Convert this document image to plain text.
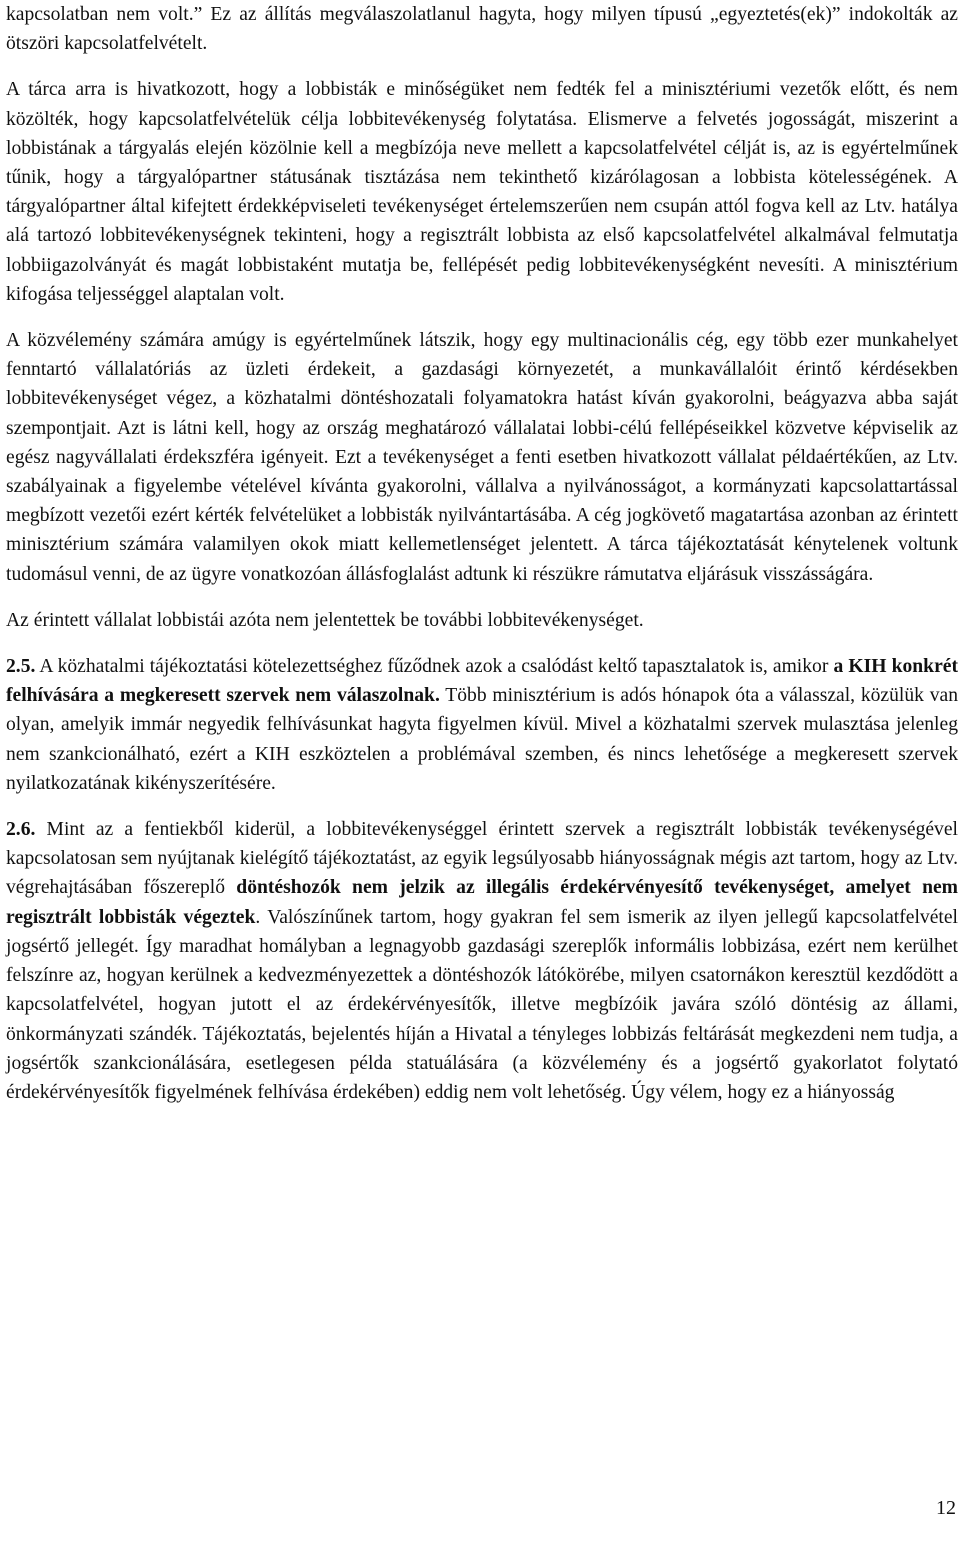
kapcsolatban nem volt.” Ez az állítás megválaszolatlanul hagyta, hogy milyen típusú „egyeztetés(ek)” indokolták az ötszöri kapcsolatfelvételt.

A tárca arra is hivatkozott, hogy a lobbisták e minőségüket nem fedték fel a minisztériumi vezetők előtt, és nem közölték, hogy kapcsolatfelvételük célja lobbitevékenység folytatása. Elismerve a felvetés jogosságát, miszerint a lobbistának a tárgyalás elején közölnie kell a megbízója neve mellett a kapcsolatfelvétel célját is, az is egyértelműnek tűnik, hogy a tárgyalópartner státusának tisztázása nem tekinthető kizárólagosan a lobbista kötelességének. A tárgyalópartner által kifejtett érdekképviseleti tevékenységet értelemszerűen nem csupán attól fogva kell az Ltv. hatálya alá tartozó lobbitevékenységnek tekinteni, hogy a regisztrált lobbista az első kapcsolatfelvétel alkalmával felmutatja lobbiigazolványát és magát lobbistaként mutatja be, fellépését pedig lobbitevékenységként nevesíti. A minisztérium kifogása teljességgel alaptalan volt.

A közvélemény számára amúgy is egyértelműnek látszik, hogy egy multinacionális cég, egy több ezer munkahelyet fenntartó vállalatóriás az üzleti érdekeit, a gazdasági környezetét, a munkavállalóit érintő kérdésekben lobbitevékenységet végez, a közhatalmi döntéshozatali folyamatokra hatást kíván gyakorolni, beágyazva abba saját szempontjait. Azt is látni kell, hogy az ország meghatározó vállalatai lobbi-célú fellépéseikkel közvetve képviselik az egész nagyvállalati érdekszféra igényeit. Ezt a tevékenységet a fenti esetben hivatkozott vállalat példaértékűen, az Ltv. szabályainak a figyelembe vételével kívánta gyakorolni, vállalva a nyilvánosságot, a kormányzati kapcsolattartással megbízott vezetői ezért kérték felvételüket a lobbisták nyilvántartásába. A cég jogkövető magatartása azonban az érintett minisztérium számára valamilyen okok miatt kellemetlenséget jelentett. A tárca tájékoztatását kénytelenek voltunk tudomásul venni, de az ügyre vonatkozóan állásfoglalást adtunk ki részükre rámutatva eljárásuk visszásságára.

Az érintett vállalat lobbistái azóta nem jelentettek be további lobbitevékenységet.

2.5. A közhatalmi tájékoztatási kötelezettséghez fűződnek azok a csalódást keltő tapasztalatok is, amikor a KIH konkrét felhívására a megkeresett szervek nem válaszolnak. Több minisztérium is adós hónapok óta a válasszal, közülük van olyan, amelyik immár negyedik felhívásunkat hagyta figyelmen kívül. Mivel a közhatalmi szervek mulasztása jelenleg nem szankcionálható, ezért a KIH eszköztelen a problémával szemben, és nincs lehetősége a megkeresett szervek nyilatkozatának kikényszerítésére.

2.6. Mint az a fentiekből kiderül, a lobbitevékenységgel érintett szervek a regisztrált lobbisták tevékenységével kapcsolatosan sem nyújtanak kielégítő tájékoztatást, az egyik legsúlyosabb hiányosságnak mégis azt tartom, hogy az Ltv. végrehajtásában főszereplő döntéshozók nem jelzik az illegális érdekérvényesítő tevékenységet, amelyet nem regisztrált lobbisták végeztek. Valószínűnek tartom, hogy gyakran fel sem ismerik az ilyen jellegű kapcsolatfelvétel jogsértő jellegét. Így maradhat homályban a legnagyobb gazdasági szereplők informális lobbizása, ezért nem kerülhet felszínre az, hogyan kerülnek a kedvezményezettek a döntéshozók látókörébe, milyen csatornákon keresztül kezdődött a kapcsolatfelvétel, hogyan jutott el az érdekérvényesítők, illetve megbízóik javára szóló döntésig az állami, önkormányzati szándék. Tájékoztatás, bejelentés híján a Hivatal a tényleges lobbizás feltárását megkezdeni nem tudja, a jogsértők szankcionálására, esetlegesen példa statuálására (a közvélemény és a jogsértő gyakorlatot folytató érdekérvényesítők figyelmének felhívása érdekében) eddig nem volt lehetőség. Úgy vélem, hogy ez a hiányosság

12
